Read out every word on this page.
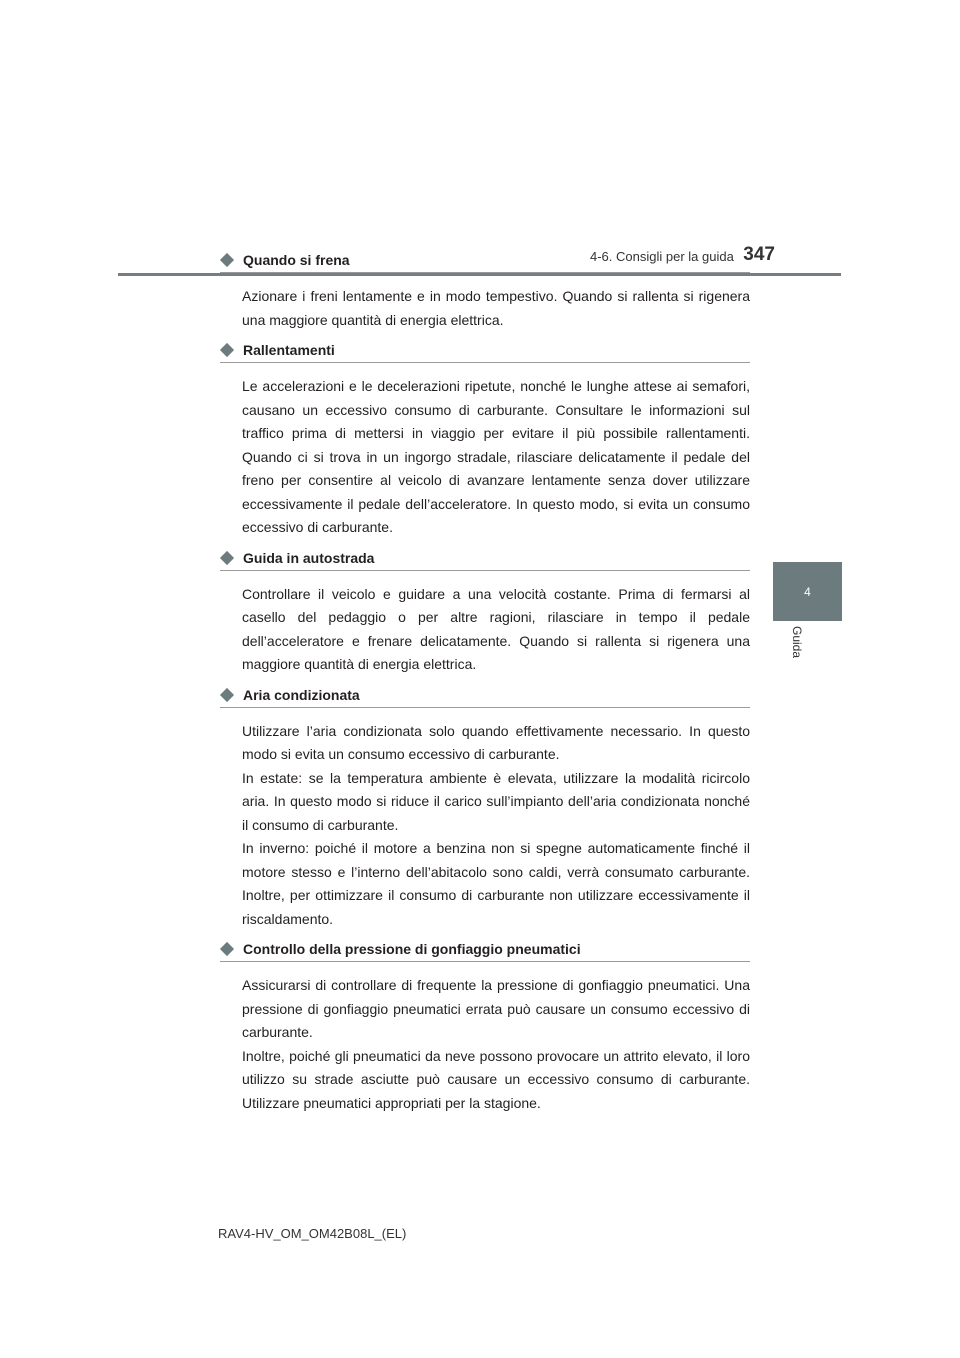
4-6. Consigli per la guida 347
4
Guida
Quando si frena

Azionare i freni lentamente e in modo tempestivo. Quando si rallenta si rigenera una maggiore quantità di energia elettrica.

Rallentamenti

Le accelerazioni e le decelerazioni ripetute, nonché le lunghe attese ai semafori, causano un eccessivo consumo di carburante. Consultare le informazioni sul traffico prima di mettersi in viaggio per evitare il più possibile rallentamenti. Quando ci si trova in un ingorgo stradale, rilasciare delicatamente il pedale del freno per consentire al veicolo di avanzare lentamente senza dover utilizzare eccessivamente il pedale dell’acceleratore. In questo modo, si evita un consumo eccessivo di carburante.

Guida in autostrada

Controllare il veicolo e guidare a una velocità costante. Prima di fermarsi al casello del pedaggio o per altre ragioni, rilasciare in tempo il pedale dell’acceleratore e frenare delicatamente. Quando si rallenta si rigenera una maggiore quantità di energia elettrica.

Aria condizionata

Utilizzare l’aria condizionata solo quando effettivamente necessario. In questo modo si evita un consumo eccessivo di carburante.

In estate: se la temperatura ambiente è elevata, utilizzare la modalità ricircolo aria. In questo modo si riduce il carico sull’impianto dell’aria condizionata nonché il consumo di carburante.

In inverno: poiché il motore a benzina non si spegne automaticamente finché il motore stesso e l’interno dell’abitacolo sono caldi, verrà consumato carburante. Inoltre, per ottimizzare il consumo di carburante non utilizzare eccessivamente il riscaldamento.

Controllo della pressione di gonfiaggio pneumatici

Assicurarsi di controllare di frequente la pressione di gonfiaggio pneumatici. Una pressione di gonfiaggio pneumatici errata può causare un consumo eccessivo di carburante.

Inoltre, poiché gli pneumatici da neve possono provocare un attrito elevato, il loro utilizzo su strade asciutte può causare un eccessivo consumo di carburante. Utilizzare pneumatici appropriati per la stagione.

RAV4-HV_OM_OM42B08L_(EL)
